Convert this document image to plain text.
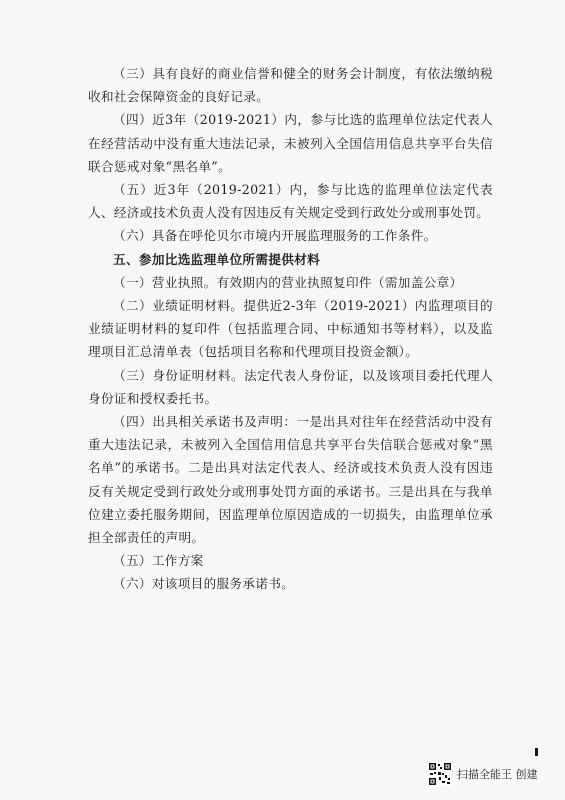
（三）具有良好的商业信誉和健全的财务会计制度，有依法缴纳税收和社会保障资金的良好记录。

（四）近3年（2019-2021）内，参与比选的监理单位法定代表人在经营活动中没有重大违法记录，未被列入全国信用信息共享平台失信联合惩戒对象“黑名单”。

（五）近3年（2019-2021）内，参与比选的监理单位法定代表人、经济或技术负责人没有因违反有关规定受到行政处分或刑事处罚。

（六）具备在呼伦贝尔市境内开展监理服务的工作条件。

五、参加比选监理单位所需提供材料

（一）营业执照。有效期内的营业执照复印件（需加盖公章）

（二）业绩证明材料。提供近2-3年（2019-2021）内监理项目的业绩证明材料的复印件（包括监理合同、中标通知书等材料），以及监理项目汇总清单表（包括项目名称和代理项目投资金额）。

（三）身份证明材料。法定代表人身份证，以及该项目委托代理人身份证和授权委托书。

（四）出具相关承诺书及声明：一是出具对往年在经营活动中没有重大违法记录，未被列入全国信用信息共享平台失信联合惩戒对象“黑名单”的承诺书。二是出具对法定代表人、经济或技术负责人没有因违反有关规定受到行政处分或刑事处罚方面的承诺书。三是出具在与我单位建立委托服务期间，因监理单位原因造成的一切损失，由监理单位承担全部责任的声明。

（五）工作方案

（六）对该项目的服务承诺书。

扫描全能王 创建
